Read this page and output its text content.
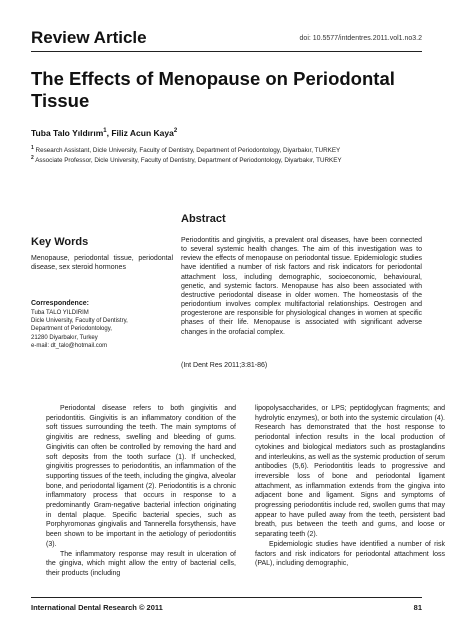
Review Article	doi: 10.5577/intdentres.2011.vol1.no3.2
The Effects of Menopause on Periodontal Tissue
Tuba Talo Yıldırım$^1$, Filiz Acun Kaya$^2$
$^1$ Research Assistant, Dicle University, Faculty of Dentistry, Department of Periodontology, Diyarbakır, TURKEY
$^2$ Associate Professor, Dicle University, Faculty of Dentistry, Department of Periodontology, Diyarbakır, TURKEY
Abstract
Key Words
Menopause, periodontal tissue, periodontal disease, sex steroid hormones
Correspondence:
Tuba TALO YILDIRIM
Dicle University, Faculty of Dentistry,
Department of Periodontology,
21280 Diyarbakır, Turkey
e-mail: dt_talo@hotmail.com
Periodontitis and gingivitis, a prevalent oral diseases, have been connected to several systemic health changes. The aim of this investigation was to review the effects of menopause on periodontal tissue. Epidemiologic studies have identified a number of risk factors and risk indicators for periodontal attachment loss, including demographic, socioeconomic, behavioural, genetic, and systemic factors. Menopause has also been associated with destructive periodontal disease in older women. The homeostasis of the periodontium involves complex multifactorial relationships. Oestrogen and progesterone are responsible for physiological changes in women at specific phases of their life. Menopause is associated with significant adverse changes in the orofacial complex.
(Int Dent Res 2011;3:81-86)

Periodontal disease refers to both gingivitis and periodontitis. Gingivitis is an inflammatory condition of the soft tissues surrounding the teeth. The main symptoms of gingivitis are redness, swelling and bleeding of gums. Gingivitis can often be controlled by removing the hard and soft deposits from the tooth surface (1). If unchecked, gingivitis progresses to periodontitis, an inflammation of the supporting tissues of the teeth, including the gingiva, alveolar bone, and periodontal ligament (2). Periodontitis is a chronic inflammatory process that occurs in response to a predominantly Gram-negative bacterial infection originating in dental plaque. Specific bacterial species, such as Porphyromonas gingivalis and Tannerella forsythensis, have been shown to be important in the aetiology of periodontitis (3).

The inflammatory response may result in ulceration of the gingiva, which might allow the entry of bacterial cells, their products (including

lipopolysaccharides, or LPS; peptidoglycan fragments; and hydrolytic enzymes), or both into the systemic circulation (4). Research has demonstrated that the host response to periodontal infection results in the local production of cytokines and biological mediators such as prostaglandins and interleukins, as well as the systemic production of serum antibodies (5,6). Periodontitis leads to progressive and irreversible loss of bone and periodontal ligament attachment, as inflammation extends from the gingiva into adjacent bone and ligament. Signs and symptoms of progressing periodontitis include red, swollen gums that may appear to have pulled away from the teeth, persistent bad breath, pus between the teeth and gums, and loose or separating teeth (2).

Epidemiologic studies have identified a number of risk factors and risk indicators for periodontal attachment loss (PAL), including demographic,

International Dental Research © 2011	81
